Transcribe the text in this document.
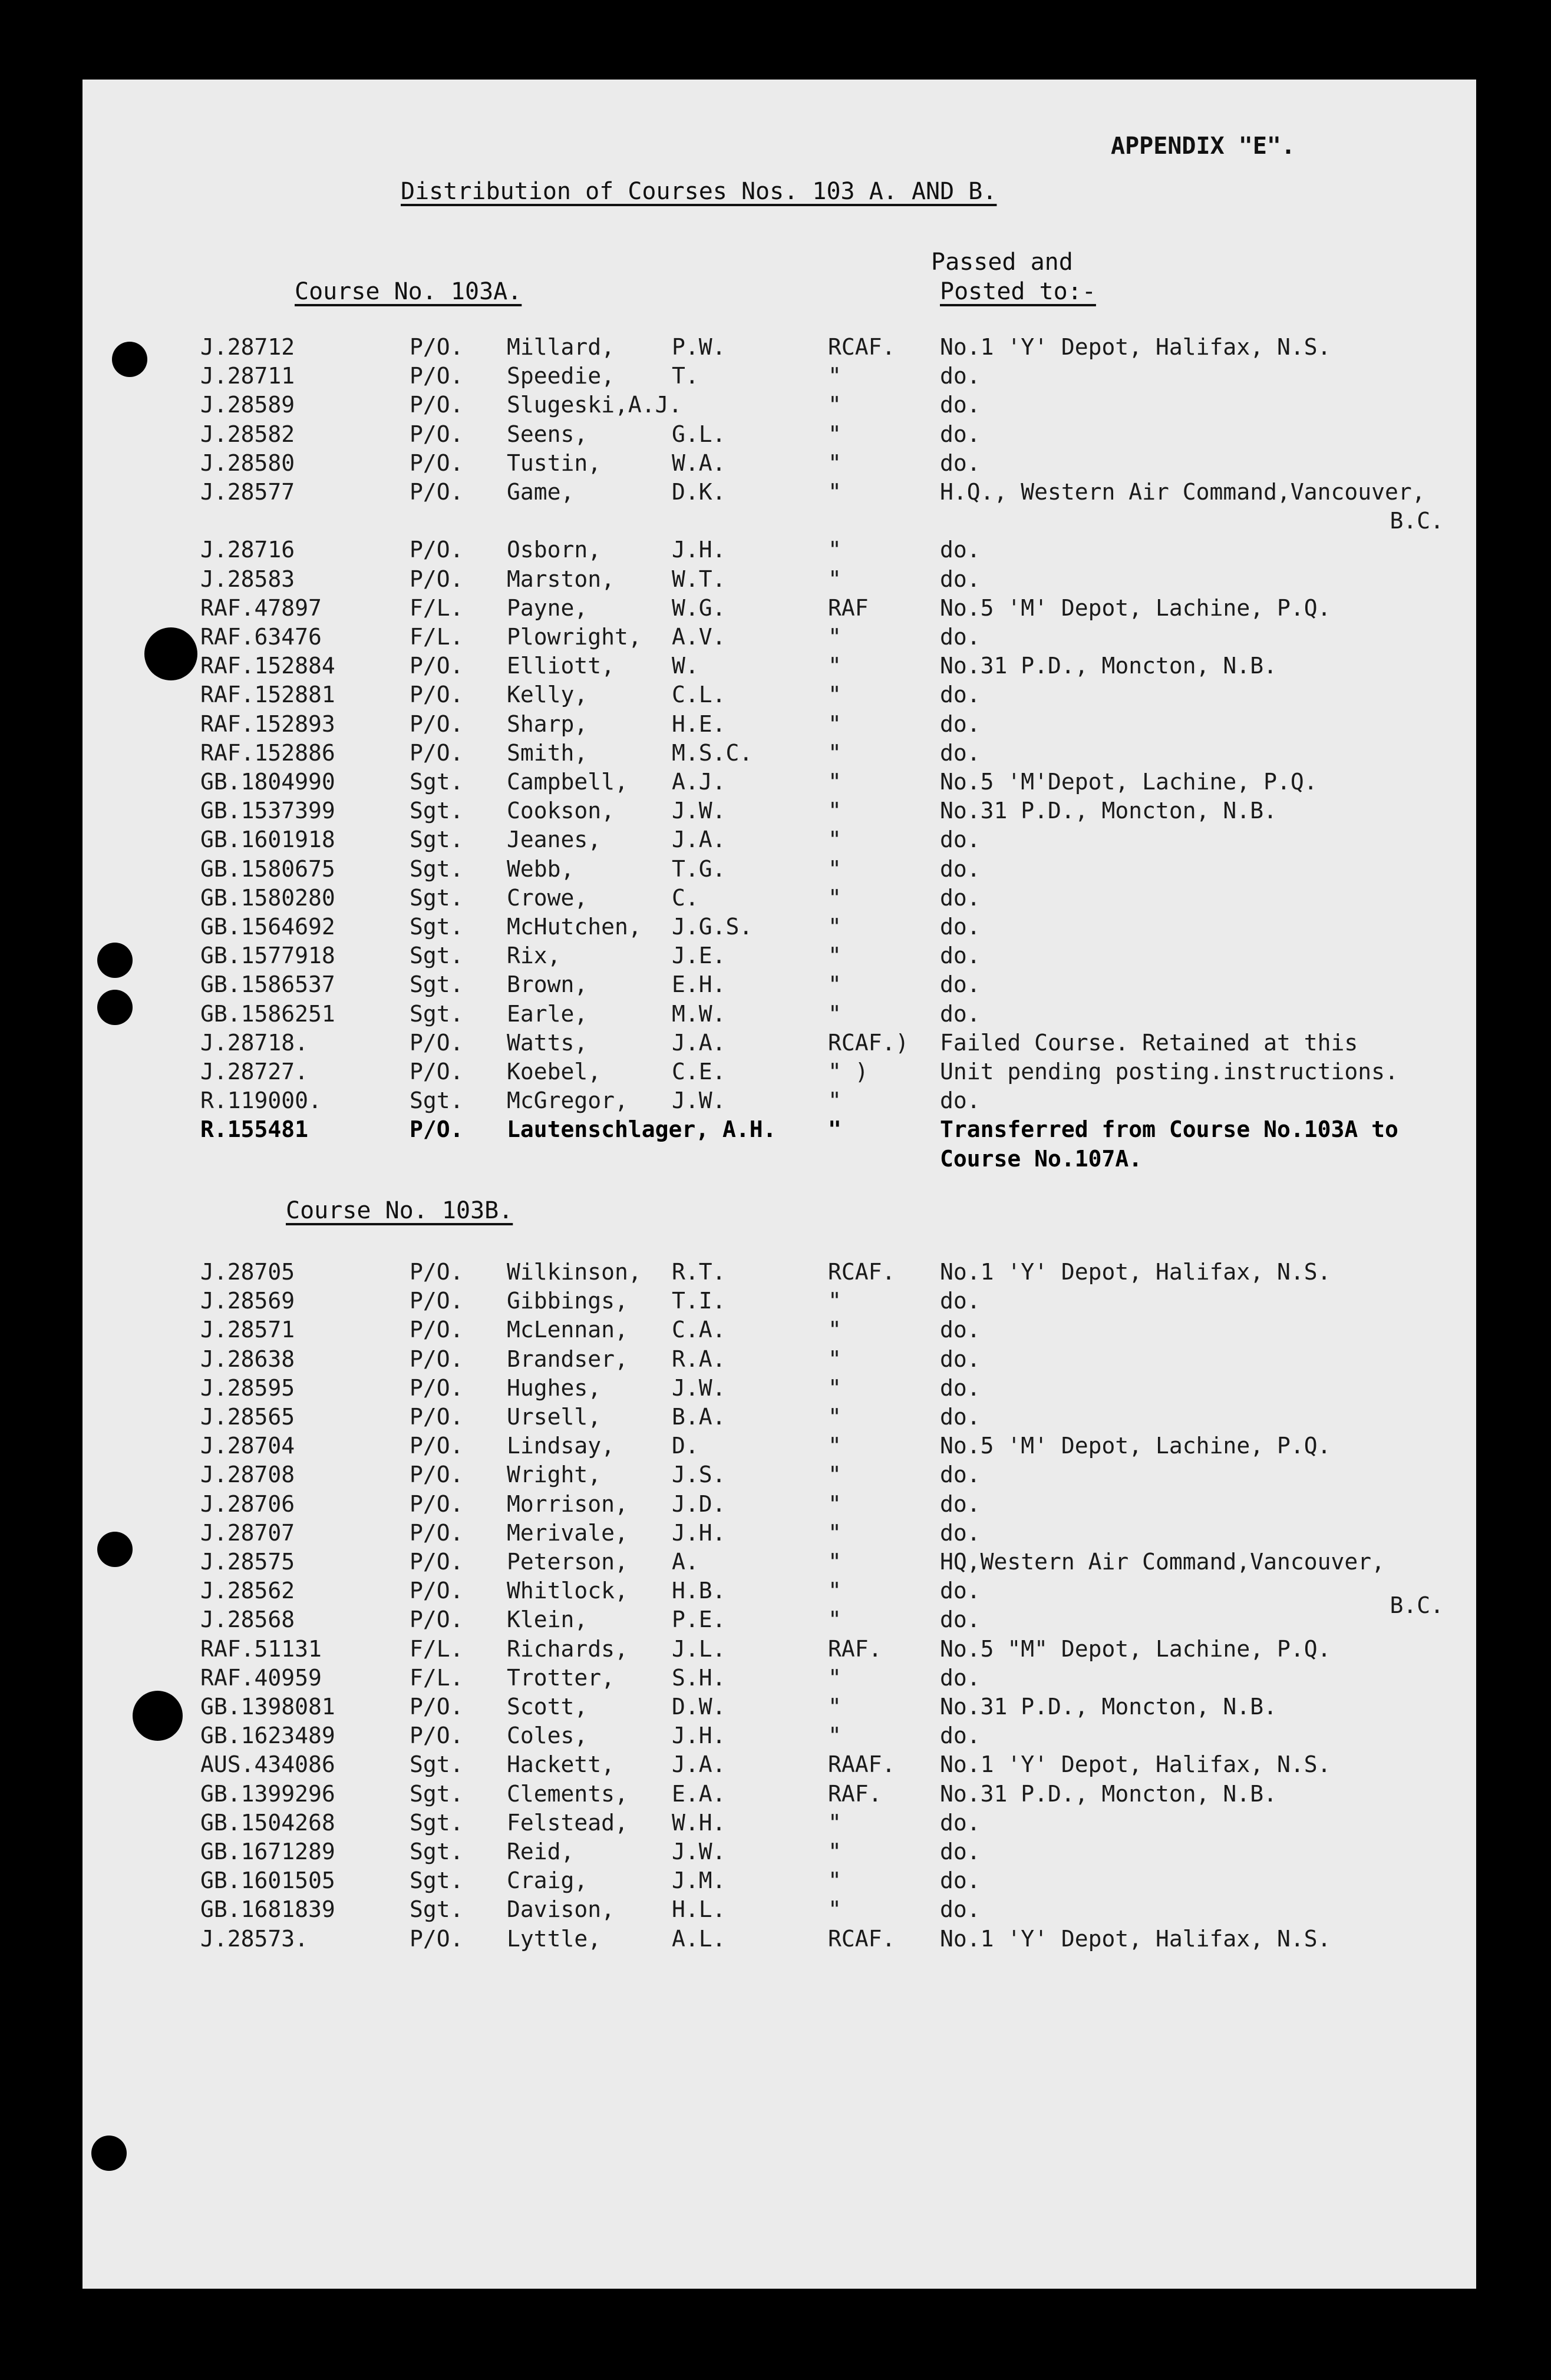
APPENDIX "E".
Distribution of Courses Nos. 103 A. AND B.
Passed and
Posted to:-
Course No. 103A.
J.28712	P/O. Millard,	P.W.	RCAF. No.1 'Y' Depot, Halifax, N.S.
J.28711	P/O. Speedie,	T.	"	do.
J.28589	P/O. Slugeski,A.J.	"	do.
J.28582	P/O. Seens,	G.L.	"	do.
J.28580	P/O. Tustin,	W.A.	"	do.
J.28577	P/O. Game,	D.K.	"	H.Q., Western Air Command,Vancouver,
B.C.
J.28716	P/O. Osborn,	J.H.	"	do.
J.28583	P/O. Marston,	W.T.	"	do.
RAF.47897	F/L. Payne,	W.G.	RAF	No.5 'M' Depot, Lachine, P.Q.
RAF.63476	F/L. Plowright, A.V.	"	do.
RAF.152884	P/O. Elliott,	W.	"	No.31 P.D., Moncton, N.B.
RAF.152881	P/O. Kelly,	C.L.	"	do.
RAF.152893	P/O. Sharp,	H.E.	"	do.
RAF.152886	P/O. Smith,	M.S.C.	"	do.
GB.1804990	Sgt. Campbell, A.J.	"	No.5 'M'Depot, Lachine, P.Q.
GB.1537399	Sgt. Cookson,	J.W.	"	No.31 P.D., Moncton, N.B.
GB.1601918	Sgt. Jeanes,	J.A.	"	do.
GB.1580675	Sgt. Webb,	T.G.	"	do.
GB.1580280	Sgt. Crowe,	C.	"	do.
GB.1564692	Sgt. McHutchen, J.G.S.	"	do.
GB.1577918	Sgt. Rix,	J.E.	"	do.
GB.1586537	Sgt. Brown,	E.H.	"	do.
GB.1586251	Sgt. Earle,	M.W.	"	do.
J.28718.	P/O. Watts,	J.A.	RCAF.) Failed Course. Retained at this
J.28727.	P/O. Koebel,	C.E.	" )	Unit pending posting.instructions.
R.119000.	Sgt. McGregor, J.W.	"	do.
R.155481	P/O. Lautenschlager, A.H. "	Transferred from Course No.103A to
Course No.107A.
Course No. 103B.
J.28705	P/O. Wilkinson, R.T.	RCAF. No.1 'Y' Depot, Halifax, N.S.
J.28569	P/O. Gibbings, T.I.	"	do.
J.28571	P/O. McLennan, C.A.	"	do.
J.28638	P/O. Brandser, R.A.	"	do.
J.28595	P/O. Hughes,	J.W.	"	do.
J.28565	P/O. Ursell,	B.A.	"	do.
J.28704	P/O. Lindsay,	D.	"	No.5 'M' Depot, Lachine, P.Q.
J.28708	P/O. Wright,	J.S.	"	do.
J.28706	P/O. Morrison, J.D.	"	do.
J.28707	P/O. Merivale, J.H.	"	do.
J.28575	P/O. Peterson, A.	"	HQ,Western Air Command,Vancouver,
J.28562	P/O. Whitlock, H.B.	"	do.
B.C.
J.28568	P/O. Klein,	P.E.	"	do.
RAF.51131	F/L. Richards, J.L.	RAF.	No.5 "M" Depot, Lachine, P.Q.
RAF.40959	F/L. Trotter,	S.H.	"	do.
GB.1398081	P/O. Scott,	D.W.	"	No.31 P.D., Moncton, N.B.
GB.1623489	P/O. Coles,	J.H.	"	do.
AUS.434086	Sgt. Hackett,	J.A.	RAAF. No.1 'Y' Depot, Halifax, N.S.
GB.1399296	Sgt. Clements, E.A.	RAF.	No.31 P.D., Moncton, N.B.
GB.1504268	Sgt. Felstead, W.H.	"	do.
GB.1671289	Sgt. Reid,	J.W.	"	do.
GB.1601505	Sgt. Craig,	J.M.	"	do.
GB.1681839	Sgt. Davison,	H.L.	"	do.
J.28573.	P/O. Lyttle,	A.L.	RCAF. No.1 'Y' Depot, Halifax, N.S.
